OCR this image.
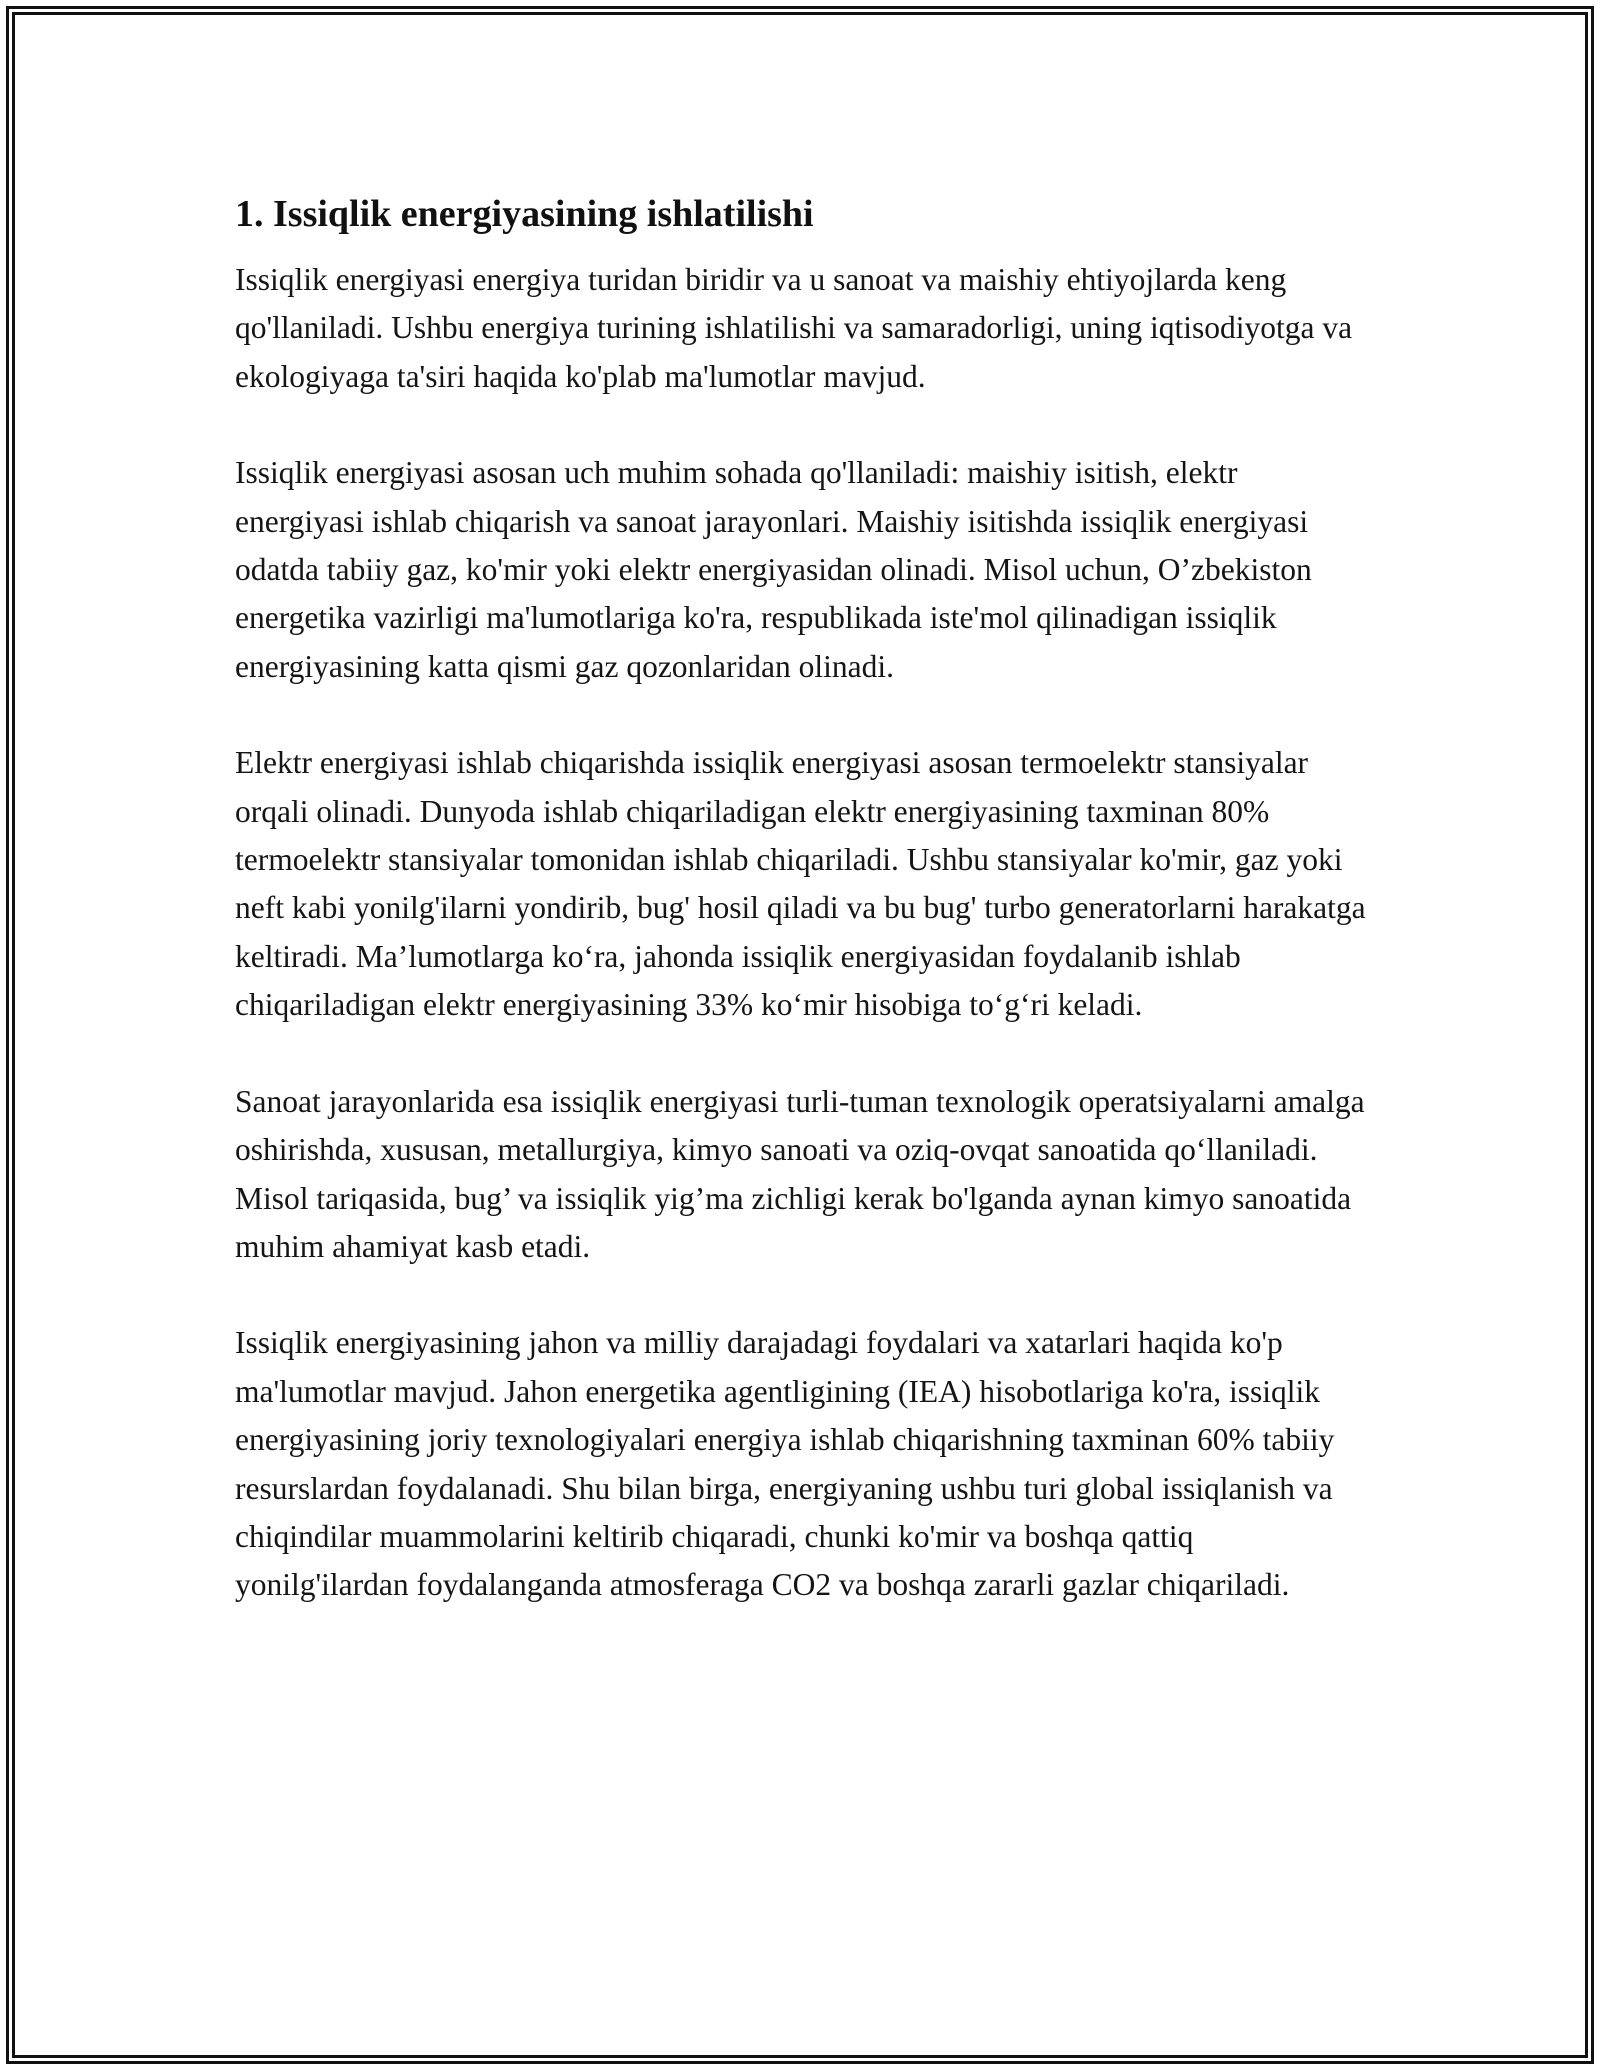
1. Issiqlik energiyasining ishlatilishi

Issiqlik energiyasi energiya turidan biridir va u sanoat va maishiy ehtiyojlarda keng qo'llaniladi. Ushbu energiya turining ishlatilishi va samaradorligi, uning iqtisodiyotga va ekologiyaga ta'siri haqida ko'plab ma'lumotlar mavjud.

Issiqlik energiyasi asosan uch muhim sohada qo'llaniladi: maishiy isitish, elektr energiyasi ishlab chiqarish va sanoat jarayonlari. Maishiy isitishda issiqlik energiyasi odatda tabiiy gaz, ko'mir yoki elektr energiyasidan olinadi. Misol uchun, O’zbekiston energetika vazirligi ma'lumotlariga ko'ra, respublikada iste'mol qilinadigan issiqlik energiyasining katta qismi gaz qozonlaridan olinadi.

Elektr energiyasi ishlab chiqarishda issiqlik energiyasi asosan termoelektr stansiyalar orqali olinadi. Dunyoda ishlab chiqariladigan elektr energiyasining taxminan 80% termoelektr stansiyalar tomonidan ishlab chiqariladi. Ushbu stansiyalar ko'mir, gaz yoki neft kabi yonilg'ilarni yondirib, bug' hosil qiladi va bu bug' turbo generatorlarni harakatga keltiradi. Ma’lumotlarga ko‘ra, jahonda issiqlik energiyasidan foydalanib ishlab chiqariladigan elektr energiyasining 33% ko‘mir hisobiga to‘g‘ri keladi.

Sanoat jarayonlarida esa issiqlik energiyasi turli-tuman texnologik operatsiyalarni amalga oshirishda, xususan, metallurgiya, kimyo sanoati va oziq-ovqat sanoatida qo‘llaniladi. Misol tariqasida, bug’ va issiqlik yig’ma zichligi kerak bo'lganda aynan kimyo sanoatida muhim ahamiyat kasb etadi.

Issiqlik energiyasining jahon va milliy darajadagi foydalari va xatarlari haqida ko'p ma'lumotlar mavjud. Jahon energetika agentligining (IEA) hisobotlariga ko'ra, issiqlik energiyasining joriy texnologiyalari energiya ishlab chiqarishning taxminan 60% tabiiy resurslardan foydalanadi. Shu bilan birga, energiyaning ushbu turi global issiqlanish va chiqindilar muammolarini keltirib chiqaradi, chunki ko'mir va boshqa qattiq yonilg'ilardan foydalanganda atmosferaga CO2 va boshqa zararli gazlar chiqariladi.
